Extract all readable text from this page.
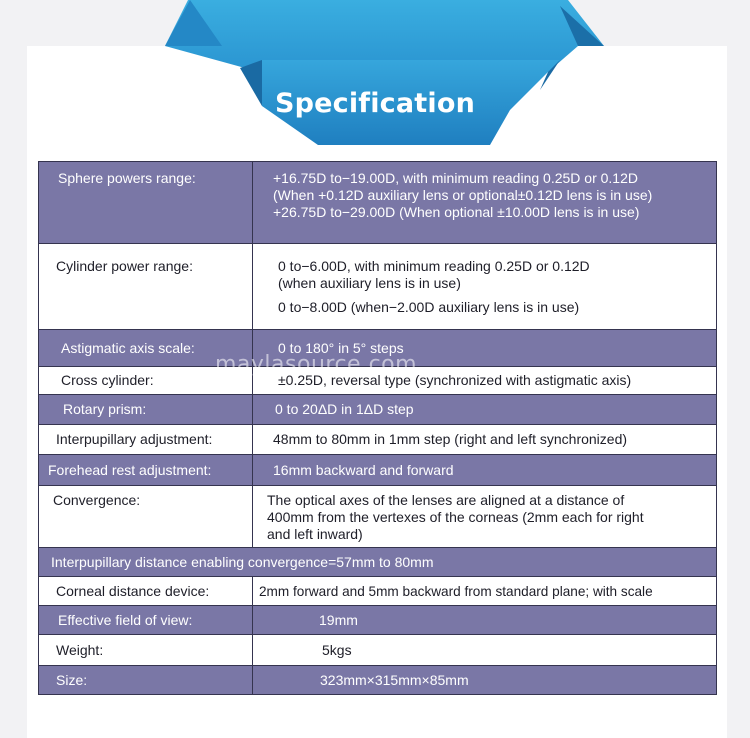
Specification
Sphere powers range:	+16.75D to−19.00D, with minimum reading 0.25D or 0.12D
(When +0.12D auxiliary lens or optional±0.12D lens is in use)
+26.75D to−29.00D (When optional ±10.00D lens is in use)

Cylinder power range:	0 to−6.00D, with minimum reading 0.25D or 0.12D
(when auxiliary lens is in use)
0 to−8.00D (when−2.00D auxiliary lens is in use)

Astigmatic axis scale:	0 to 180° in 5° steps
Cross cylinder:	±0.25D, reversal type (synchronized with astigmatic axis)
Rotary prism:	0 to 20ΔD in 1ΔD step
Interpupillary adjustment:	48mm to 80mm in 1mm step (right and left synchronized)
Forehead rest adjustment:	16mm backward and forward
Convergence:	The optical axes of the lenses are aligned at a distance of
400mm from the vertexes of the corneas (2mm each for right
and left inward)

Interpupillary distance enabling convergence=57mm to 80mm	
Corneal distance device:	2mm forward and 5mm backward from standard plane; with scale
Effective field of view:	19mm
Weight:	5kgs
Size:	323mm×315mm×85mm
maylasource.com
